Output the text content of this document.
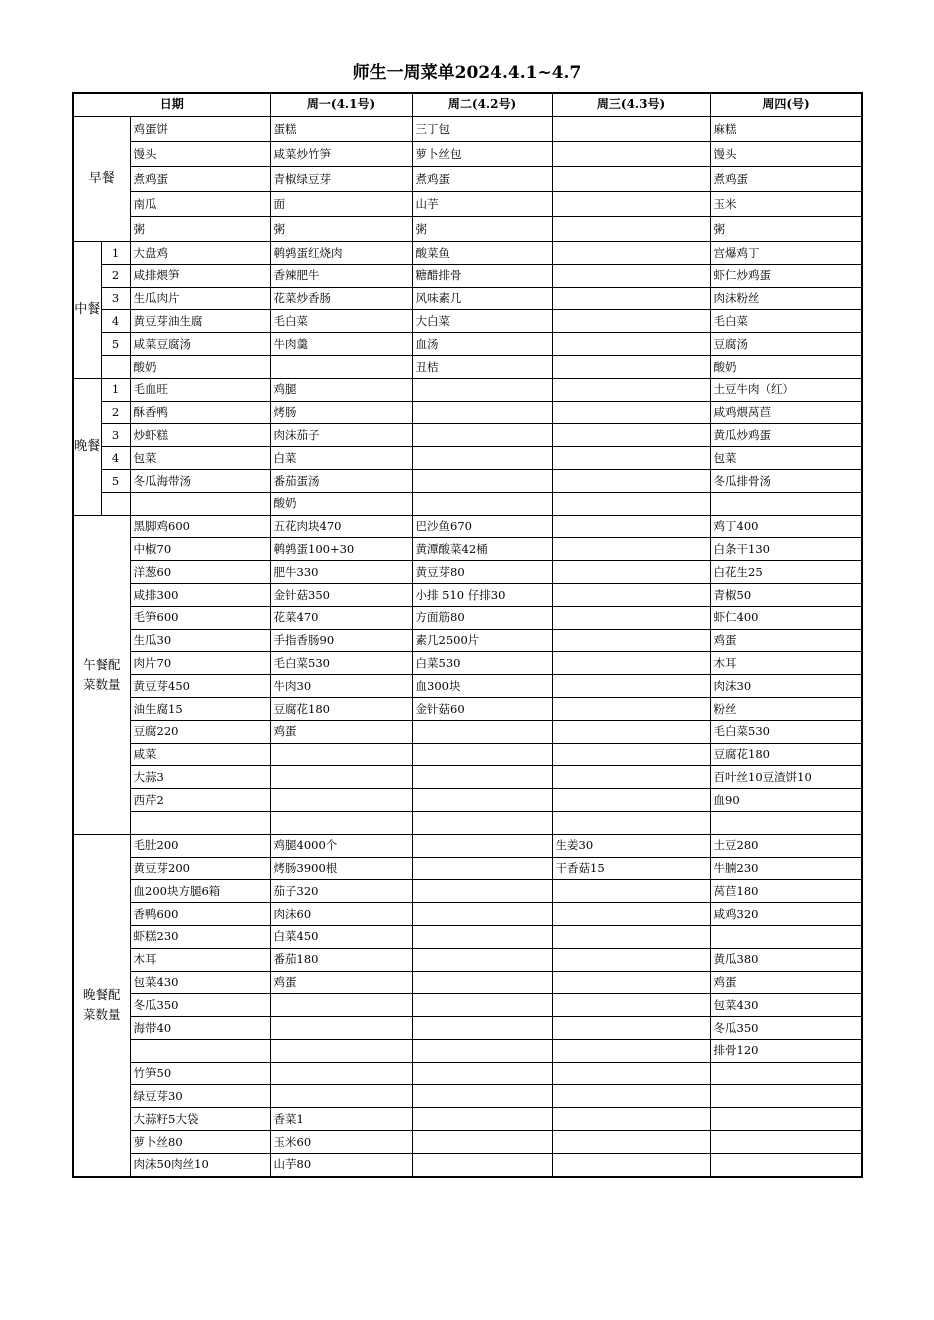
师生一周菜单2024.4.1~4.7
日期			周一(4.1号)	周二(4.2号)	周三(4.3号)	周四(号)	
早餐		鸡蛋饼	蛋糕	三丁包		麻糕	
		馒头	咸菜炒竹笋	萝卜丝包		馒头	
		煮鸡蛋	青椒绿豆芽	煮鸡蛋		煮鸡蛋	
		南瓜	面	山芋		玉米	
		粥	粥	粥		粥	
中餐	1	大盘鸡	鹌鹑蛋红烧肉	酸菜鱼		宫爆鸡丁	
	2	咸排煨笋	香辣肥牛	糖醋排骨		虾仁炒鸡蛋	
	3	生瓜肉片	花菜炒香肠	风味素几		肉沫粉丝	
	4	黄豆芽油生腐	毛白菜	大白菜		毛白菜	
	5	咸菜豆腐汤	牛肉羹	血汤		豆腐汤	
		酸奶		丑桔		酸奶	
晚餐	1	毛血旺	鸡腿			土豆牛肉（红）	
	2	酥香鸭	烤肠			咸鸡煨莴苣	
	3	炒虾糕	肉沫茄子			黄瓜炒鸡蛋	
	4	包菜	白菜			包菜	
	5	冬瓜海带汤	番茄蛋汤			冬瓜排骨汤	
			酸奶				
午餐配菜数量		黑脚鸡600	五花肉块470	巴沙鱼670		鸡丁400	
		中椒70	鹌鹑蛋100+30	黄潭酸菜42桶		白条干130	
		洋葱60	肥牛330	黄豆芽80		白花生25	
		咸排300	金针菇350	小排 510 仔排30		青椒50	
		毛笋600	花菜470	方面筋80		虾仁400	
		生瓜30	手指香肠90	素几2500片		鸡蛋	
		肉片70	毛白菜530	白菜530		木耳	
		黄豆芽450	牛肉30	血300块		肉沫30	
		油生腐15	豆腐花180	金针菇60		粉丝	
		豆腐220	鸡蛋			毛白菜530	
		咸菜				豆腐花180	
		大蒜3				百叶丝10豆渣饼10	
		西芹2				血90	

晚餐配菜数量		毛肚200	鸡腿4000个		生姜30	土豆280	
		黄豆芽200	烤肠3900根		干香菇15	牛腩230	
		血200块方腿6箱	茄子320			莴苣180	
		香鸭600	肉沫60			咸鸡320	
		虾糕230	白菜450				
		木耳	番茄180			黄瓜380	
		包菜430	鸡蛋			鸡蛋	
		冬瓜350				包菜430	
		海带40				冬瓜350	
						排骨120	
		竹笋50					
		绿豆芽30					
		大蒜籽5大袋	香菜1				
		萝卜丝80	玉米60				
		肉沫50肉丝10	山芋80				
